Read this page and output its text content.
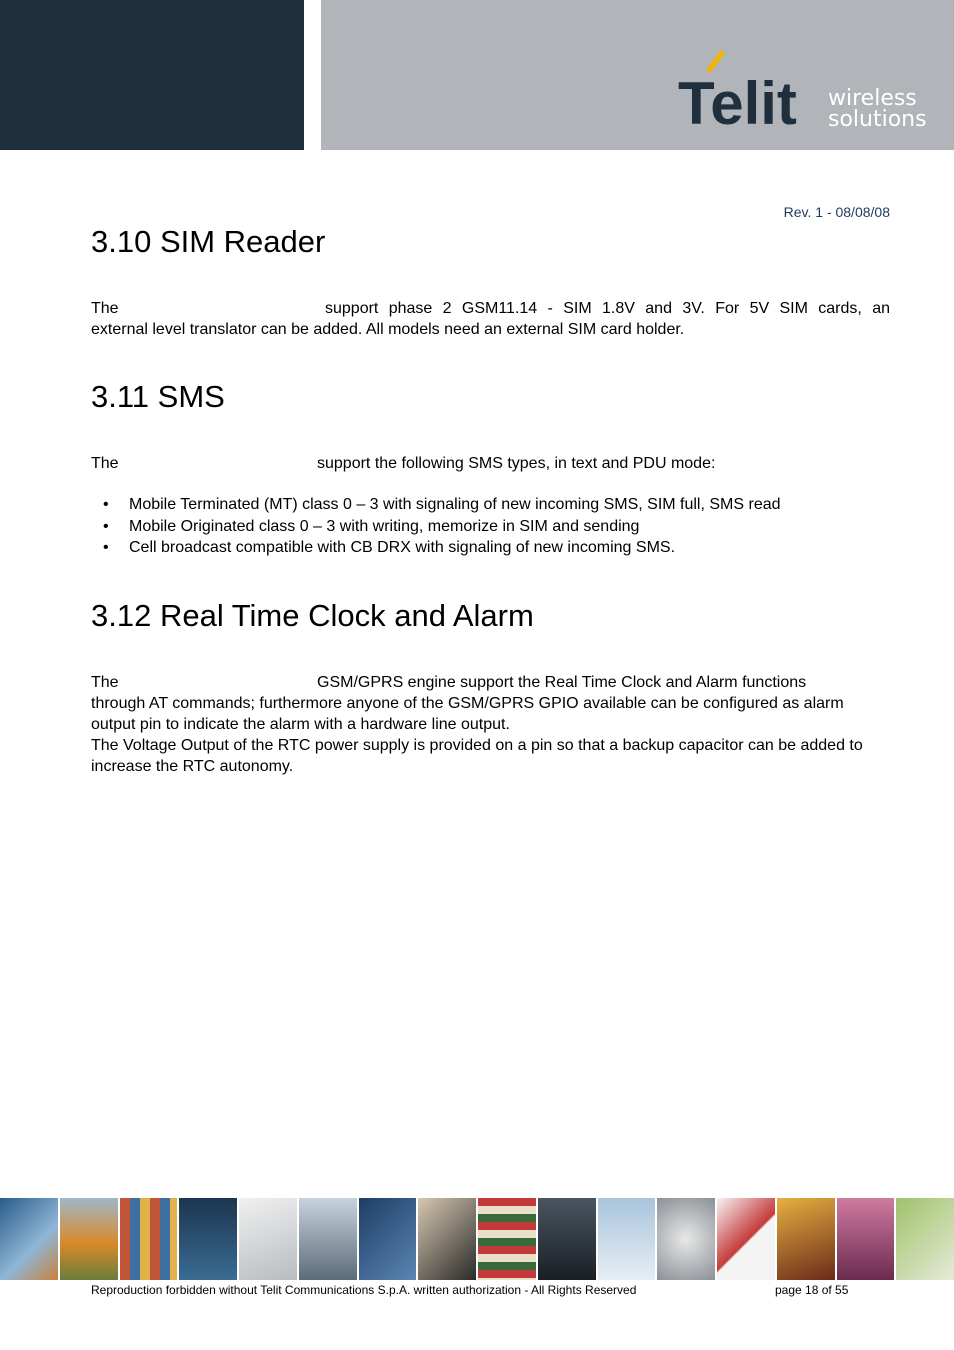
Telit wireless
solutions
Rev. 1 - 08/08/08
3.10 SIM Reader

The	support phase 2 GSM11.14 - SIM 1.8V and 3V. For 5V SIM cards, an

external level translator can be added. All models need an external SIM card holder.

3.11 SMS

The	support the following SMS types, in text and PDU mode:

• Mobile Terminated (MT) class 0 – 3 with signaling of new incoming SMS, SIM full, SMS read
• Mobile Originated class 0 – 3 with writing, memorize in SIM and sending
• Cell broadcast compatible with CB DRX with signaling of new incoming SMS.
3.12 Real Time Clock and Alarm

The	GSM/GPRS engine support the Real Time Clock and Alarm functions

through AT commands; furthermore anyone of the GSM/GPRS GPIO available can be configured as alarm output pin to indicate the alarm with a hardware line output.

The Voltage Output of the RTC power supply is provided on a pin so that a backup capacitor can be added to increase the RTC autonomy.

Reproduction forbidden without Telit Communications S.p.A. written authorization - All Rights Reserved	page 18 of 55
